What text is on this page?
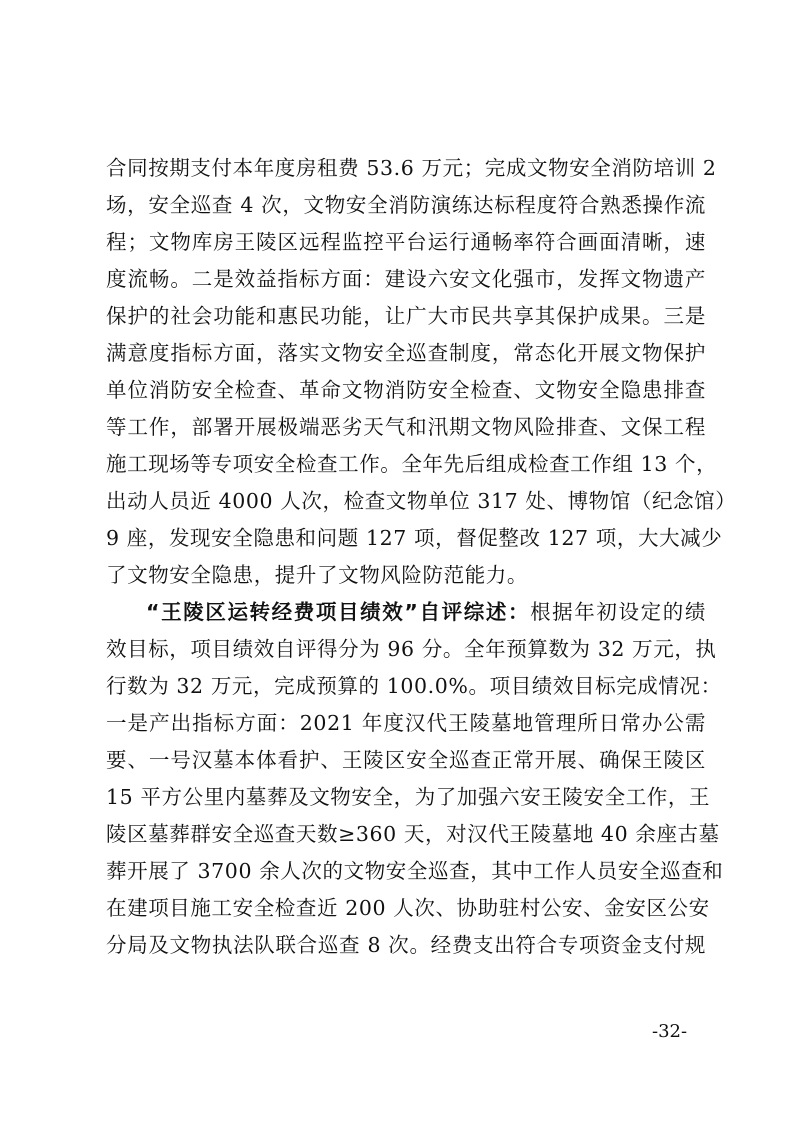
合同按期支付本年度房租费 53.6 万元；完成文物安全消防培训 2
场，安全巡查 4 次，文物安全消防演练达标程度符合熟悉操作流
程；文物库房王陵区远程监控平台运行通畅率符合画面清晰，速
度流畅。二是效益指标方面：建设六安文化强市，发挥文物遗产
保护的社会功能和惠民功能，让广大市民共享其保护成果。三是
满意度指标方面，落实文物安全巡查制度，常态化开展文物保护
单位消防安全检查、革命文物消防安全检查、文物安全隐患排查
等工作，部署开展极端恶劣天气和汛期文物风险排查、文保工程
施工现场等专项安全检查工作。全年先后组成检查工作组 13 个，
出动人员近 4000 人次，检查文物单位 317 处、博物馆（纪念馆）
9 座，发现安全隐患和问题 127 项，督促整改 127 项，大大减少
了文物安全隐患，提升了文物风险防范能力。
“王陵区运转经费项目绩效”自评综述：根据年初设定的绩
效目标，项目绩效自评得分为 96 分。全年预算数为 32 万元，执
行数为 32 万元，完成预算的 100.0%。项目绩效目标完成情况：
一是产出指标方面：2021 年度汉代王陵墓地管理所日常办公需
要、一号汉墓本体看护、王陵区安全巡查正常开展、确保王陵区
15 平方公里内墓葬及文物安全，为了加强六安王陵安全工作，王
陵区墓葬群安全巡查天数≥360 天，对汉代王陵墓地 40 余座古墓
葬开展了 3700 余人次的文物安全巡查，其中工作人员安全巡查和
在建项目施工安全检查近 200 人次、协助驻村公安、金安区公安
分局及文物执法队联合巡查 8 次。经费支出符合专项资金支付规
-32-
